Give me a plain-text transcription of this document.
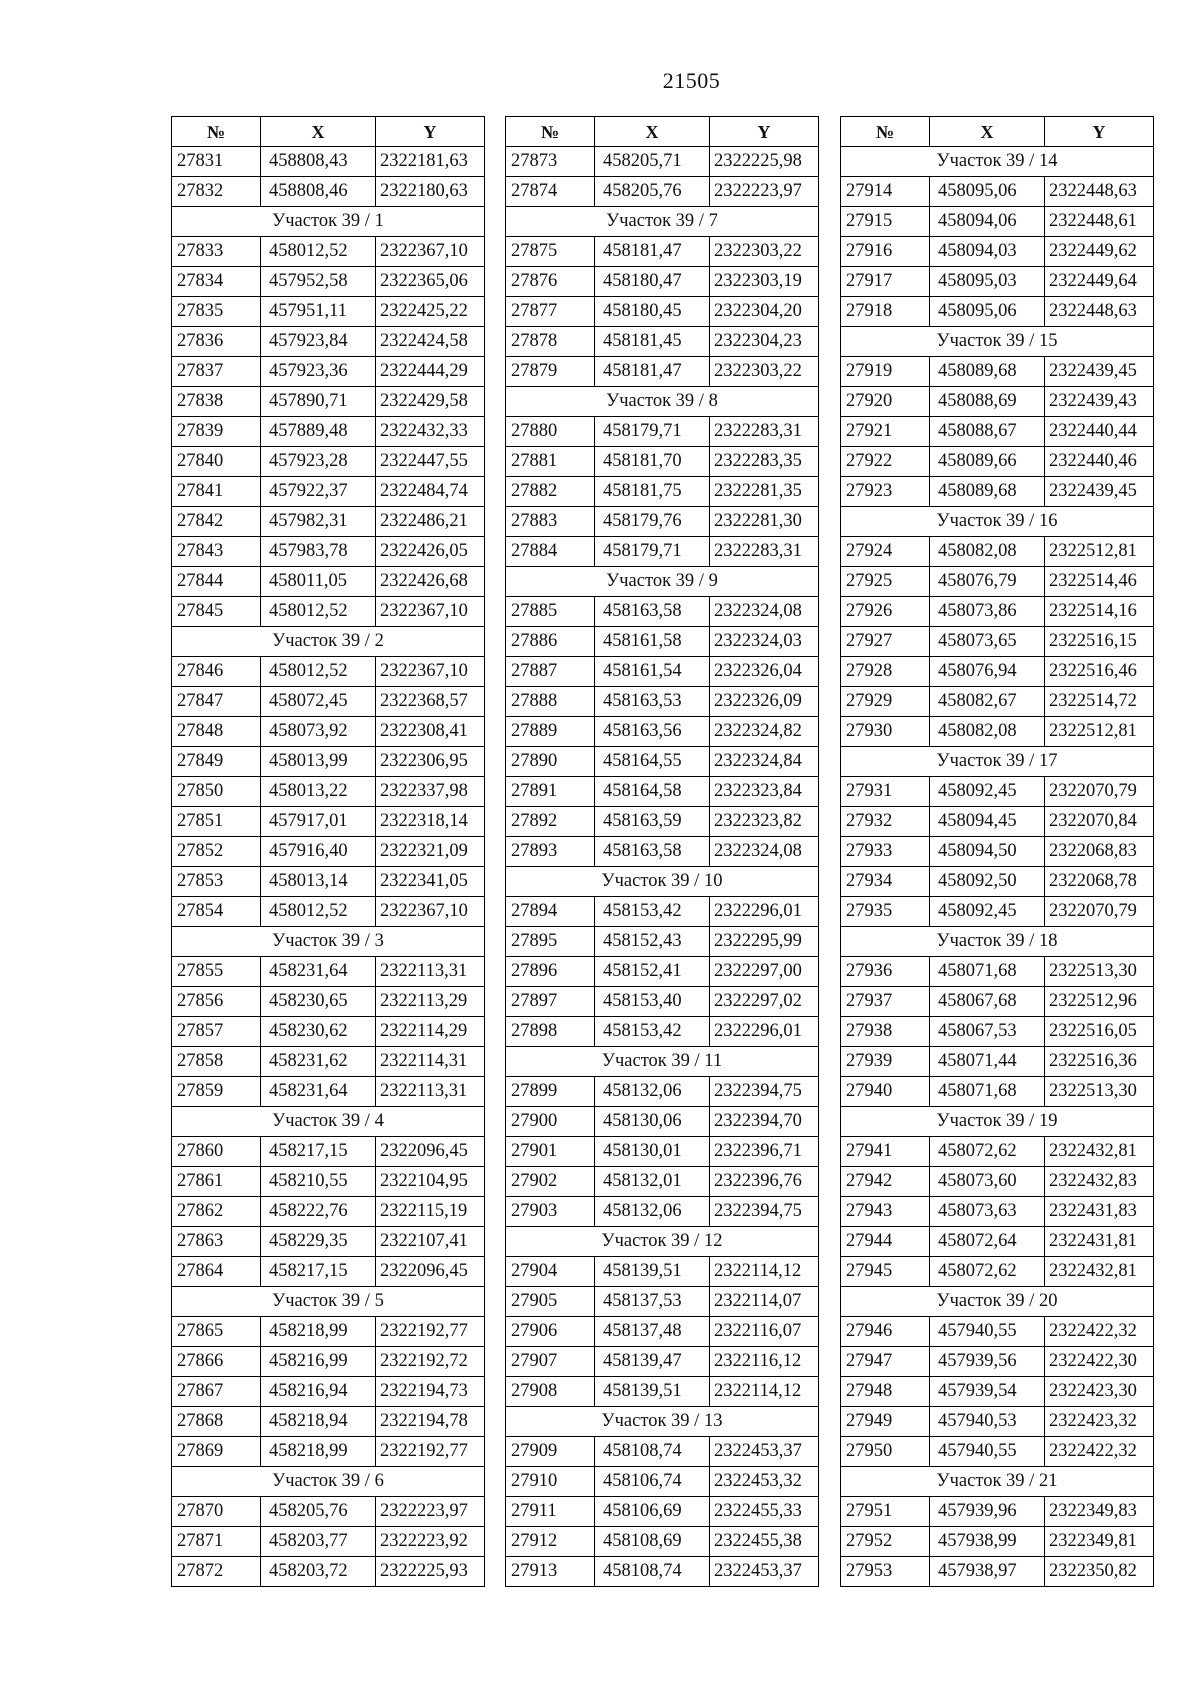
21505
№	X	Y
27831	458808,43	2322181,63
27832	458808,46	2322180,63
Участок 39 / 1		
27833	458012,52	2322367,10
27834	457952,58	2322365,06
27835	457951,11	2322425,22
27836	457923,84	2322424,58
27837	457923,36	2322444,29
27838	457890,71	2322429,58
27839	457889,48	2322432,33
27840	457923,28	2322447,55
27841	457922,37	2322484,74
27842	457982,31	2322486,21
27843	457983,78	2322426,05
27844	458011,05	2322426,68
27845	458012,52	2322367,10
Участок 39 / 2		
27846	458012,52	2322367,10
27847	458072,45	2322368,57
27848	458073,92	2322308,41
27849	458013,99	2322306,95
27850	458013,22	2322337,98
27851	457917,01	2322318,14
27852	457916,40	2322321,09
27853	458013,14	2322341,05
27854	458012,52	2322367,10
Участок 39 / 3		
27855	458231,64	2322113,31
27856	458230,65	2322113,29
27857	458230,62	2322114,29
27858	458231,62	2322114,31
27859	458231,64	2322113,31
Участок 39 / 4		
27860	458217,15	2322096,45
27861	458210,55	2322104,95
27862	458222,76	2322115,19
27863	458229,35	2322107,41
27864	458217,15	2322096,45
Участок 39 / 5		
27865	458218,99	2322192,77
27866	458216,99	2322192,72
27867	458216,94	2322194,73
27868	458218,94	2322194,78
27869	458218,99	2322192,77
Участок 39 / 6		
27870	458205,76	2322223,97
27871	458203,77	2322223,92
27872	458203,72	2322225,93
№	X	Y
27873	458205,71	2322225,98
27874	458205,76	2322223,97
Участок 39 / 7		
27875	458181,47	2322303,22
27876	458180,47	2322303,19
27877	458180,45	2322304,20
27878	458181,45	2322304,23
27879	458181,47	2322303,22
Участок 39 / 8		
27880	458179,71	2322283,31
27881	458181,70	2322283,35
27882	458181,75	2322281,35
27883	458179,76	2322281,30
27884	458179,71	2322283,31
Участок 39 / 9		
27885	458163,58	2322324,08
27886	458161,58	2322324,03
27887	458161,54	2322326,04
27888	458163,53	2322326,09
27889	458163,56	2322324,82
27890	458164,55	2322324,84
27891	458164,58	2322323,84
27892	458163,59	2322323,82
27893	458163,58	2322324,08
Участок 39 / 10		
27894	458153,42	2322296,01
27895	458152,43	2322295,99
27896	458152,41	2322297,00
27897	458153,40	2322297,02
27898	458153,42	2322296,01
Участок 39 / 11		
27899	458132,06	2322394,75
27900	458130,06	2322394,70
27901	458130,01	2322396,71
27902	458132,01	2322396,76
27903	458132,06	2322394,75
Участок 39 / 12		
27904	458139,51	2322114,12
27905	458137,53	2322114,07
27906	458137,48	2322116,07
27907	458139,47	2322116,12
27908	458139,51	2322114,12
Участок 39 / 13		
27909	458108,74	2322453,37
27910	458106,74	2322453,32
27911	458106,69	2322455,33
27912	458108,69	2322455,38
27913	458108,74	2322453,37
№	X	Y
Участок 39 / 14		
27914	458095,06	2322448,63
27915	458094,06	2322448,61
27916	458094,03	2322449,62
27917	458095,03	2322449,64
27918	458095,06	2322448,63
Участок 39 / 15		
27919	458089,68	2322439,45
27920	458088,69	2322439,43
27921	458088,67	2322440,44
27922	458089,66	2322440,46
27923	458089,68	2322439,45
Участок 39 / 16		
27924	458082,08	2322512,81
27925	458076,79	2322514,46
27926	458073,86	2322514,16
27927	458073,65	2322516,15
27928	458076,94	2322516,46
27929	458082,67	2322514,72
27930	458082,08	2322512,81
Участок 39 / 17		
27931	458092,45	2322070,79
27932	458094,45	2322070,84
27933	458094,50	2322068,83
27934	458092,50	2322068,78
27935	458092,45	2322070,79
Участок 39 / 18		
27936	458071,68	2322513,30
27937	458067,68	2322512,96
27938	458067,53	2322516,05
27939	458071,44	2322516,36
27940	458071,68	2322513,30
Участок 39 / 19		
27941	458072,62	2322432,81
27942	458073,60	2322432,83
27943	458073,63	2322431,83
27944	458072,64	2322431,81
27945	458072,62	2322432,81
Участок 39 / 20		
27946	457940,55	2322422,32
27947	457939,56	2322422,30
27948	457939,54	2322423,30
27949	457940,53	2322423,32
27950	457940,55	2322422,32
Участок 39 / 21		
27951	457939,96	2322349,83
27952	457938,99	2322349,81
27953	457938,97	2322350,82
